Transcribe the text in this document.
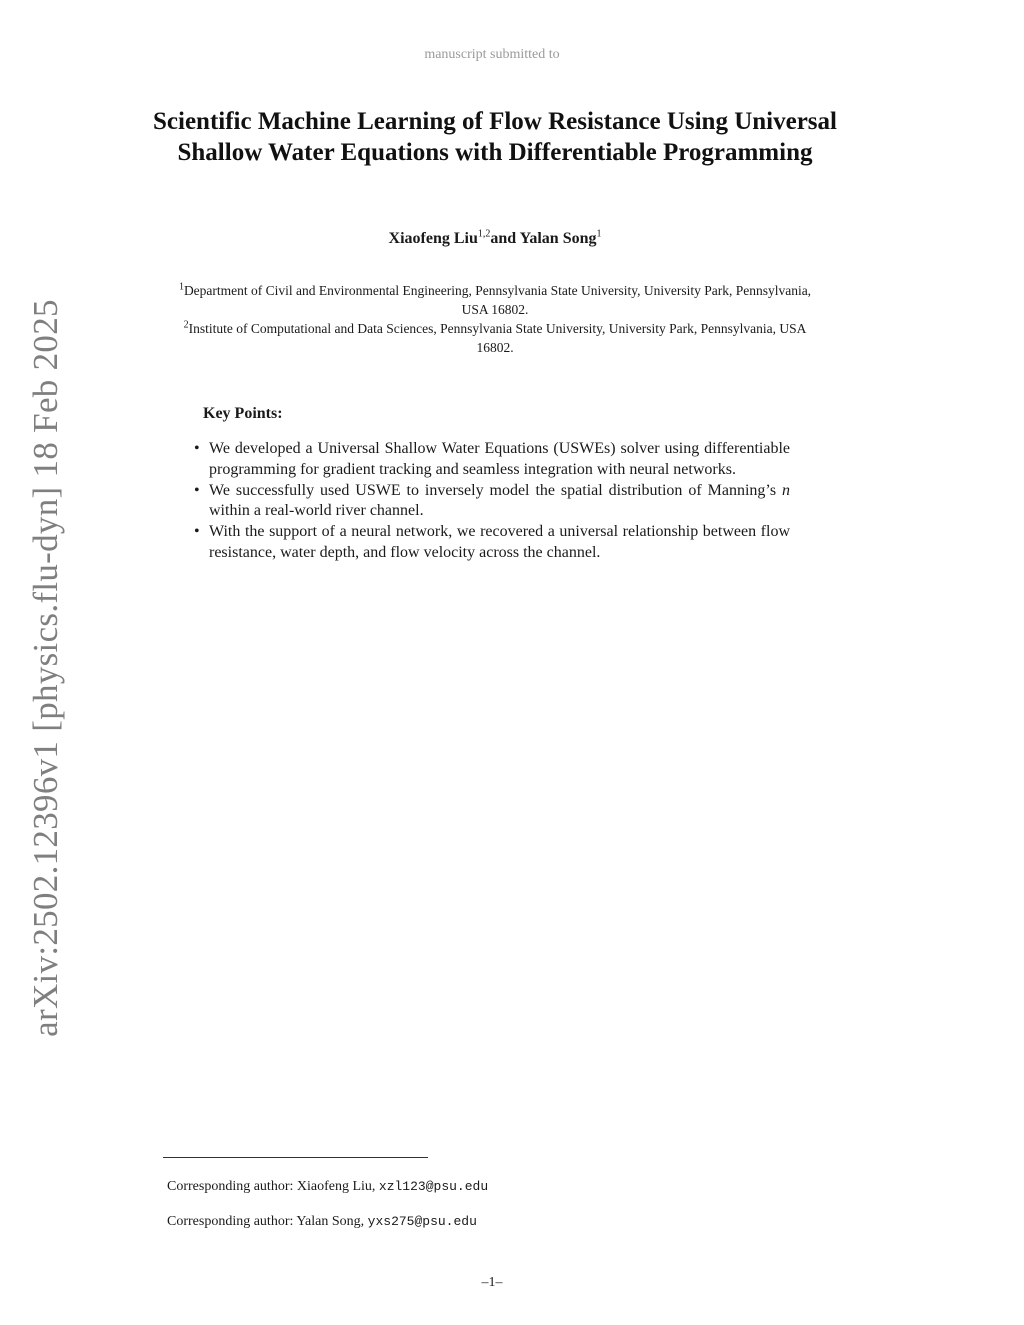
manuscript submitted to
arXiv:2502.12396v1 [physics.flu-dyn] 18 Feb 2025
Scientific Machine Learning of Flow Resistance Using Universal Shallow Water Equations with Differentiable Programming
Xiaofeng Liu$^{1,2}$and Yalan Song$^1$
$^1$Department of Civil and Environmental Engineering, Pennsylvania State University, University Park, Pennsylvania, USA 16802.
$^2$Institute of Computational and Data Sciences, Pennsylvania State University, University Park, Pennsylvania, USA 16802.
Key Points:
• We developed a Universal Shallow Water Equations (USWEs) solver using differentiable programming for gradient tracking and seamless integration with neural networks.
• We successfully used USWE to inversely model the spatial distribution of Manning’s n within a real-world river channel.
• With the support of a neural network, we recovered a universal relationship between flow resistance, water depth, and flow velocity across the channel.
Corresponding author: Xiaofeng Liu, xzl123@psu.edu
Corresponding author: Yalan Song, yxs275@psu.edu
–1–
